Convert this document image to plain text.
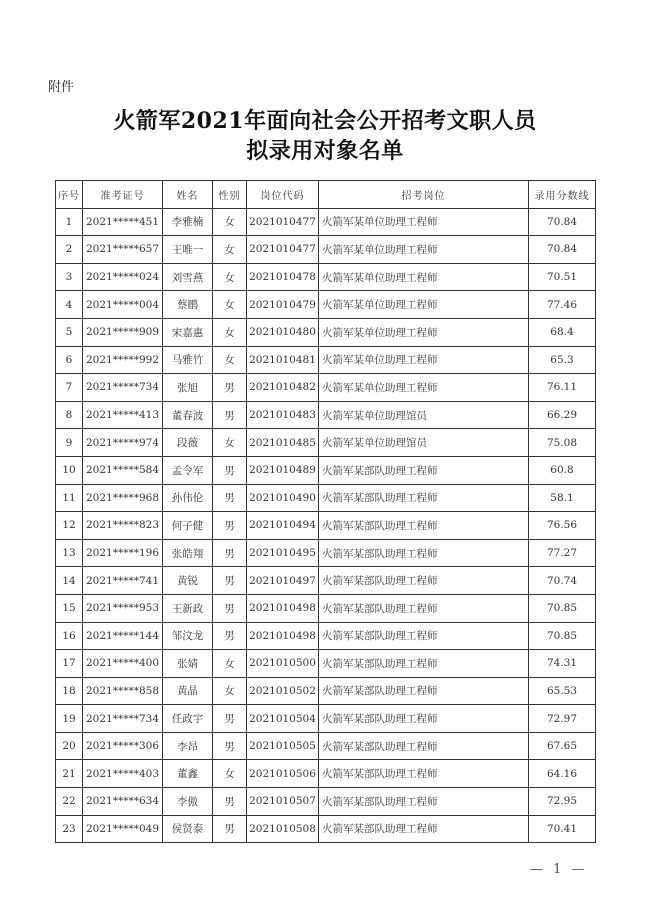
附件
火箭军2021年面向社会公开招考文职人员
拟录用对象名单
序号	准考证号	姓名	性别	岗位代码	招考岗位	录用分数线
1	2021*****451	李雅楠	女	2021010477	火箭军某单位助理工程师	70.84
2	2021*****657	王唯一	女	2021010477	火箭军某单位助理工程师	70.84
3	2021*****024	刘雪燕	女	2021010478	火箭军某单位助理工程师	70.51
4	2021*****004	蔡鹛	女	2021010479	火箭军某单位助理工程师	77.46
5	2021*****909	宋嘉惠	女	2021010480	火箭军某单位助理工程师	68.4
6	2021*****992	马雅竹	女	2021010481	火箭军某单位助理工程师	65.3
7	2021*****734	张旭	男	2021010482	火箭军某单位助理工程师	76.11
8	2021*****413	董春波	男	2021010483	火箭军某单位助理馆员	66.29
9	2021*****974	段薇	女	2021010485	火箭军某单位助理馆员	75.08
10	2021*****584	孟令军	男	2021010489	火箭军某部队助理工程师	60.8
11	2021*****968	孙伟伦	男	2021010490	火箭军某部队助理工程师	58.1
12	2021*****823	何子健	男	2021010494	火箭军某部队助理工程师	76.56
13	2021*****196	张皓翔	男	2021010495	火箭军某部队助理工程师	77.27
14	2021*****741	黄锐	男	2021010497	火箭军某部队助理工程师	70.74
15	2021*****953	王新政	男	2021010498	火箭军某部队助理工程师	70.85
16	2021*****144	邹汶龙	男	2021010498	火箭军某部队助理工程师	70.85
17	2021*****400	张婧	女	2021010500	火箭军某部队助理工程师	74.31
18	2021*****858	黄晶	女	2021010502	火箭军某部队助理工程师	65.53
19	2021*****734	任政宇	男	2021010504	火箭军某部队助理工程师	72.97
20	2021*****306	李昂	男	2021010505	火箭军某部队助理工程师	67.65
21	2021*****403	董鑫	女	2021010506	火箭军某部队助理工程师	64.16
22	2021*****634	李傲	男	2021010507	火箭军某部队助理工程师	72.95
23	2021*****049	侯贤泰	男	2021010508	火箭军某部队助理工程师	70.41
— 1 —
